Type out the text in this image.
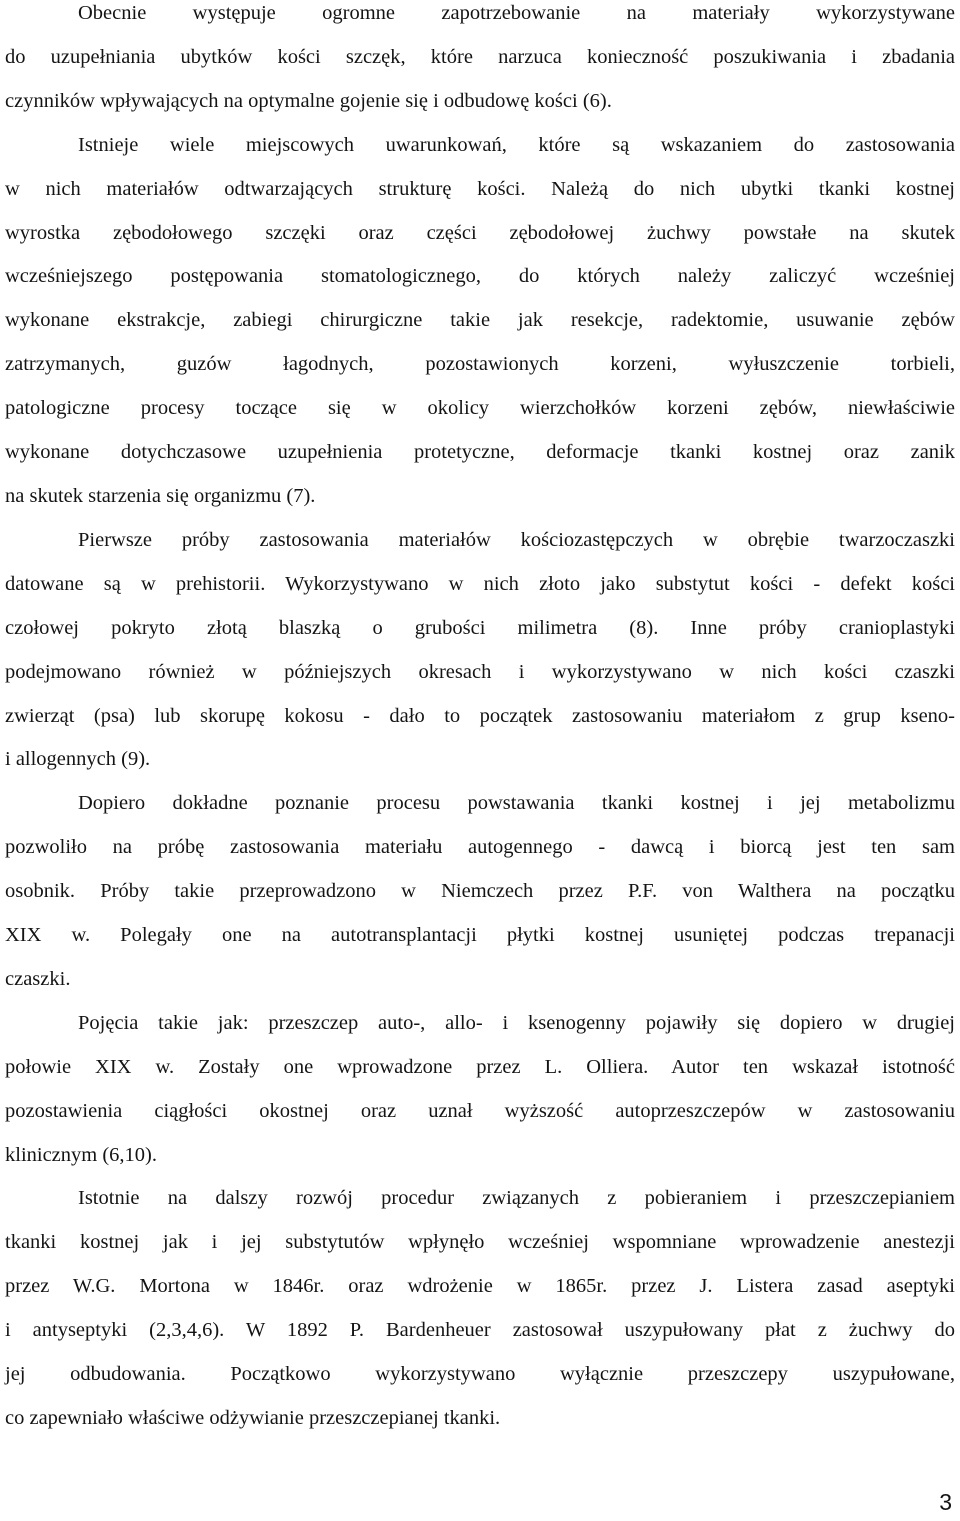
Obecnie występuje ogromne zapotrzebowanie na materiały wykorzystywane
do uzupełniania ubytków kości szczęk, które narzuca konieczność poszukiwania i zbadania
czynników wpływających na optymalne gojenie się i odbudowę kości (6).
Istnieje wiele miejscowych uwarunkowań, które są wskazaniem do zastosowania
w nich materiałów odtwarzających strukturę kości. Należą do nich ubytki tkanki kostnej
wyrostka zębodołowego szczęki oraz części zębodołowej żuchwy powstałe na skutek
wcześniejszego postępowania stomatologicznego, do których należy zaliczyć wcześniej
wykonane ekstrakcje, zabiegi chirurgiczne takie jak resekcje, radektomie, usuwanie zębów
zatrzymanych, guzów łagodnych, pozostawionych korzeni, wyłuszczenie torbieli,
patologiczne procesy toczące się w okolicy wierzchołków korzeni zębów, niewłaściwie
wykonane dotychczasowe uzupełnienia protetyczne, deformacje tkanki kostnej oraz zanik
na skutek starzenia się organizmu (7).
Pierwsze próby zastosowania materiałów kościozastępczych w obrębie twarzoczaszki
datowane są w prehistorii. Wykorzystywano w nich złoto jako substytut kości - defekt kości
czołowej pokryto złotą blaszką o grubości milimetra (8). Inne próby cranioplastyki
podejmowano również w późniejszych okresach i wykorzystywano w nich kości czaszki
zwierząt (psa) lub skorupę kokosu - dało to początek zastosowaniu materiałom z grup kseno-
i allogennych (9).
Dopiero dokładne poznanie procesu powstawania tkanki kostnej i jej metabolizmu
pozwoliło na próbę zastosowania materiału autogennego - dawcą i biorcą jest ten sam
osobnik. Próby takie przeprowadzono w Niemczech przez P.F. von Walthera na początku
XIX w. Polegały one na autotransplantacji płytki kostnej usuniętej podczas trepanacji
czaszki.
Pojęcia takie jak: przeszczep auto-, allo- i ksenogenny pojawiły się dopiero w drugiej
połowie XIX w. Zostały one wprowadzone przez L. Olliera. Autor ten wskazał istotność
pozostawienia ciągłości okostnej oraz uznał wyższość autoprzeszczepów w zastosowaniu
klinicznym (6,10).
Istotnie na dalszy rozwój procedur związanych z pobieraniem i przeszczepianiem
tkanki kostnej jak i jej substytutów wpłynęło wcześniej wspomniane wprowadzenie anestezji
przez W.G. Mortona w 1846r. oraz wdrożenie w 1865r. przez J. Listera zasad aseptyki
i antyseptyki (2,3,4,6). W 1892 P. Bardenheuer zastosował uszypułowany płat z żuchwy do
jej odbudowania. Początkowo wykorzystywano wyłącznie przeszczepy uszypułowane,
co zapewniało właściwe odżywianie przeszczepianej tkanki.
3
